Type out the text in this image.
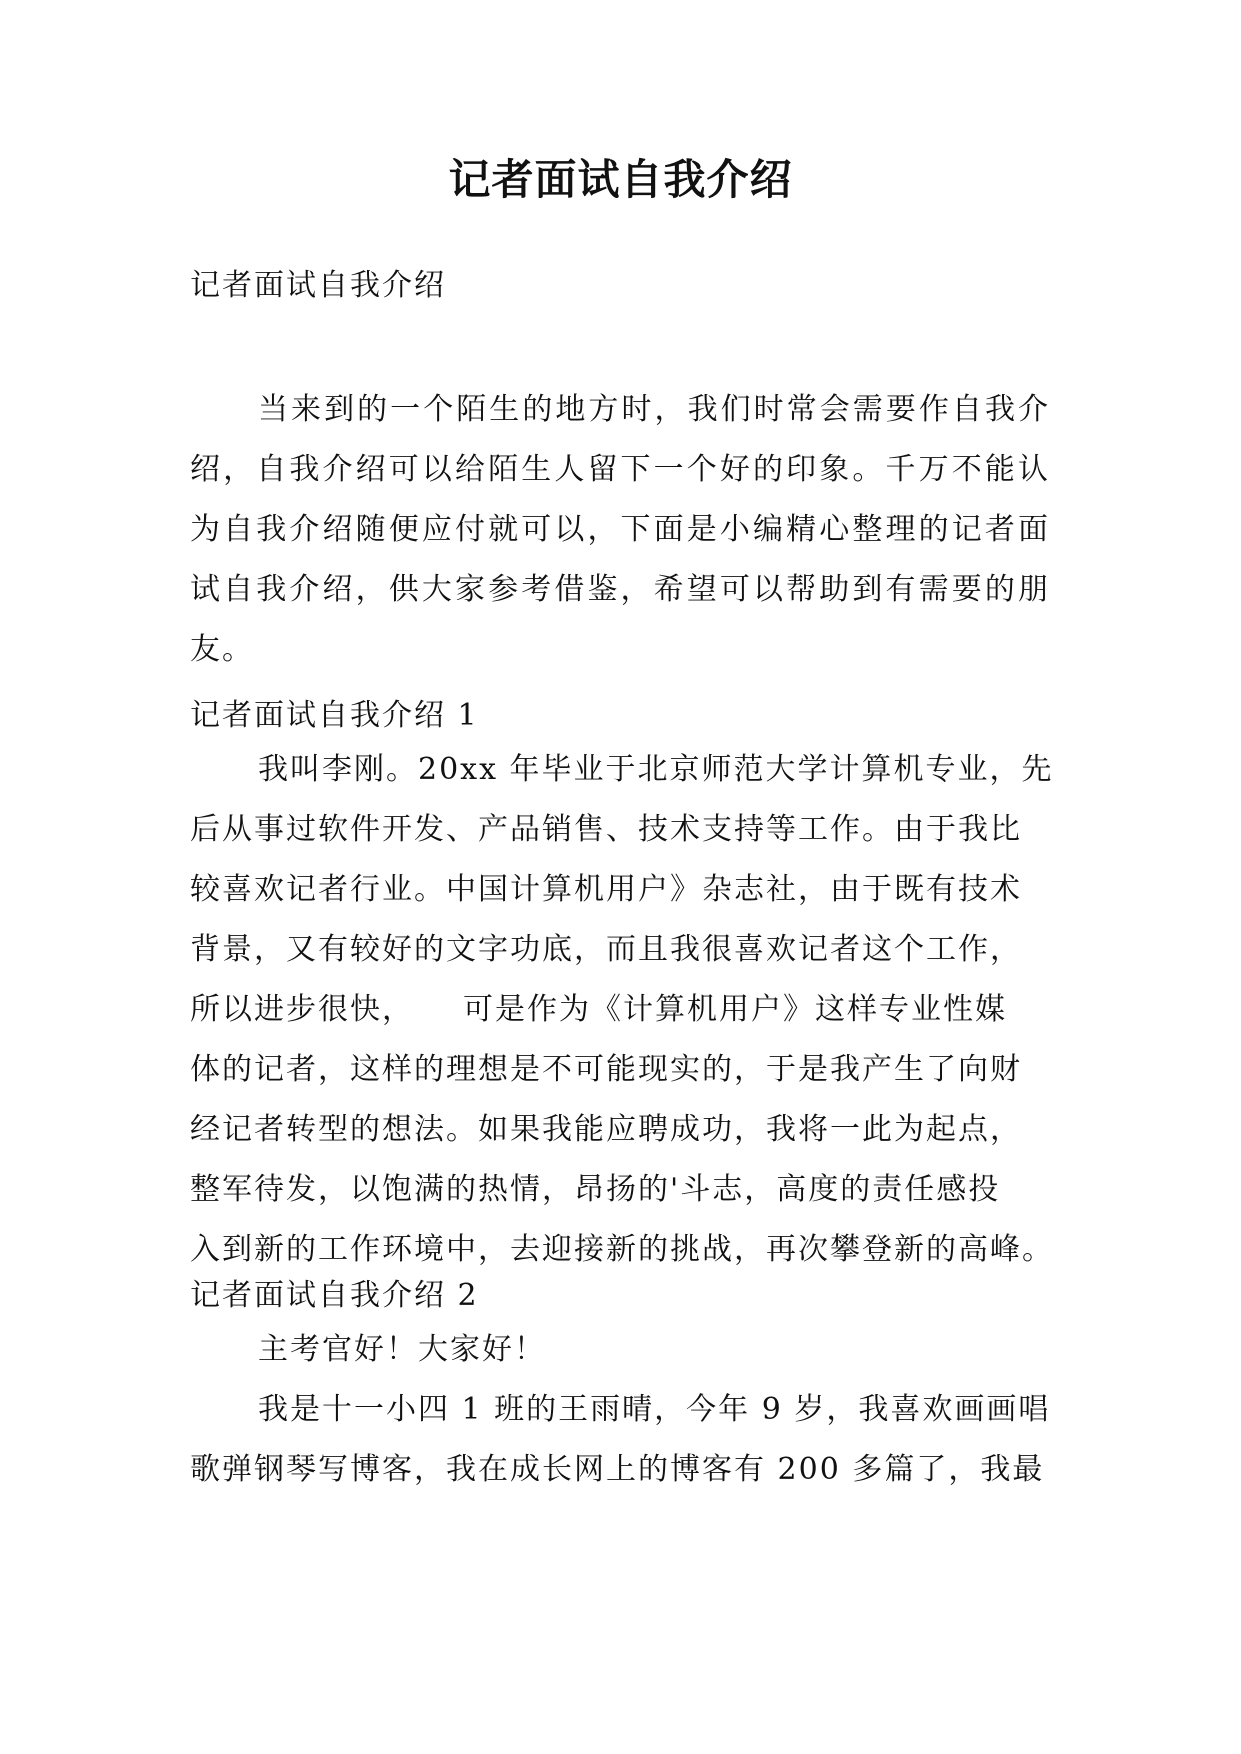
记者面试自我介绍
记者面试自我介绍
当来到的一个陌生的地方时，我们时常会需要作自我介绍，自我介绍可以给陌生人留下一个好的印象。千万不能认为自我介绍随便应付就可以，下面是小编精心整理的记者面试自我介绍，供大家参考借鉴，希望可以帮助到有需要的朋友。
记者面试自我介绍 1
我叫李刚。20xx 年毕业于北京师范大学计算机专业，先
后从事过软件开发、产品销售、技术支持等工作。由于我比
较喜欢记者行业。中国计算机用户》杂志社，由于既有技术
背景，又有较好的文字功底，而且我很喜欢记者这个工作，
所以进步很快，　　可是作为《计算机用户》这样专业性媒
体的记者，这样的理想是不可能现实的，于是我产生了向财
经记者转型的想法。如果我能应聘成功，我将一此为起点，
整军待发，以饱满的热情，昂扬的'斗志，高度的责任感投
入到新的工作环境中，去迎接新的挑战，再次攀登新的高峰。
记者面试自我介绍 2
主考官好！大家好！
我是十一小四 1 班的王雨晴，今年 9 岁，我喜欢画画唱
歌弹钢琴写博客，我在成长网上的博客有 200 多篇了，我最
